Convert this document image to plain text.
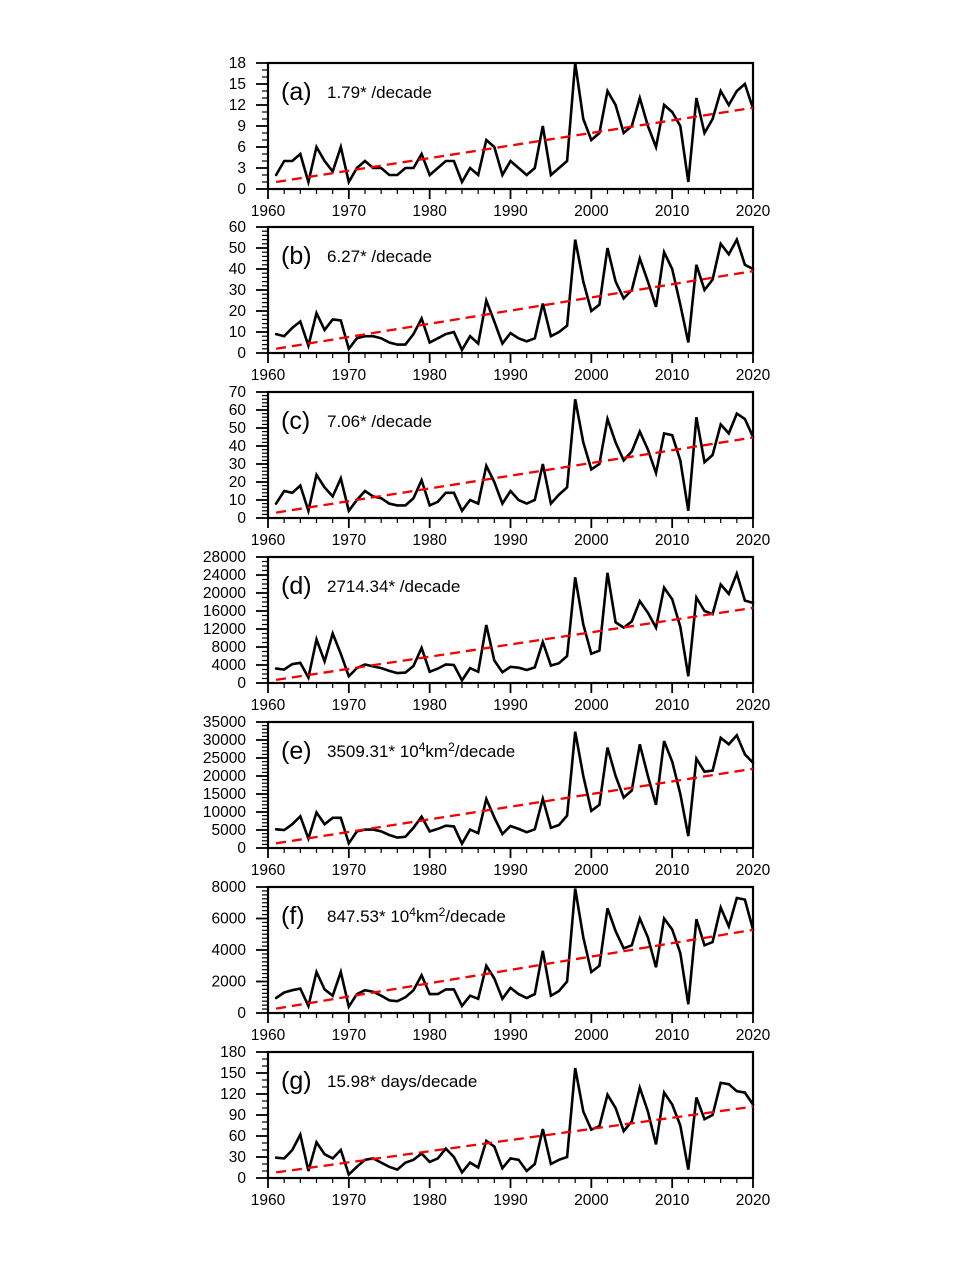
0
3
6
9
12
15
18
1960	1970	1980	1990	2000	2010	2020
(a) 1.79* /decade
0
10
20
30
40
50
60
1960	1970	1980	1990	2000	2010	2020
(b) 6.27* /decade
0
10
20
30
40
50
60
70
1960	1970	1980	1990	2000	2010	2020
(c) 7.06* /decade
0
4000
8000
12000
16000
20000
24000
28000
1960	1970	1980	1990	2000	2010	2020
(d) 2714.34* /decade
0
5000
10000
15000
20000
25000
30000
35000
1960	1970	1980	1990	2000	2010	2020
(e) 3509.31* $10^4km^2$/decade
0
2000
4000
6000
8000
1960	1970	1980	1990	2000	2010	2020
(f) 847.53* $10^4km^2$/decade
0
30
60
90
120
150
180
1960	1970	1980	1990	2000	2010	2020
(g) 15.98* days/decade
